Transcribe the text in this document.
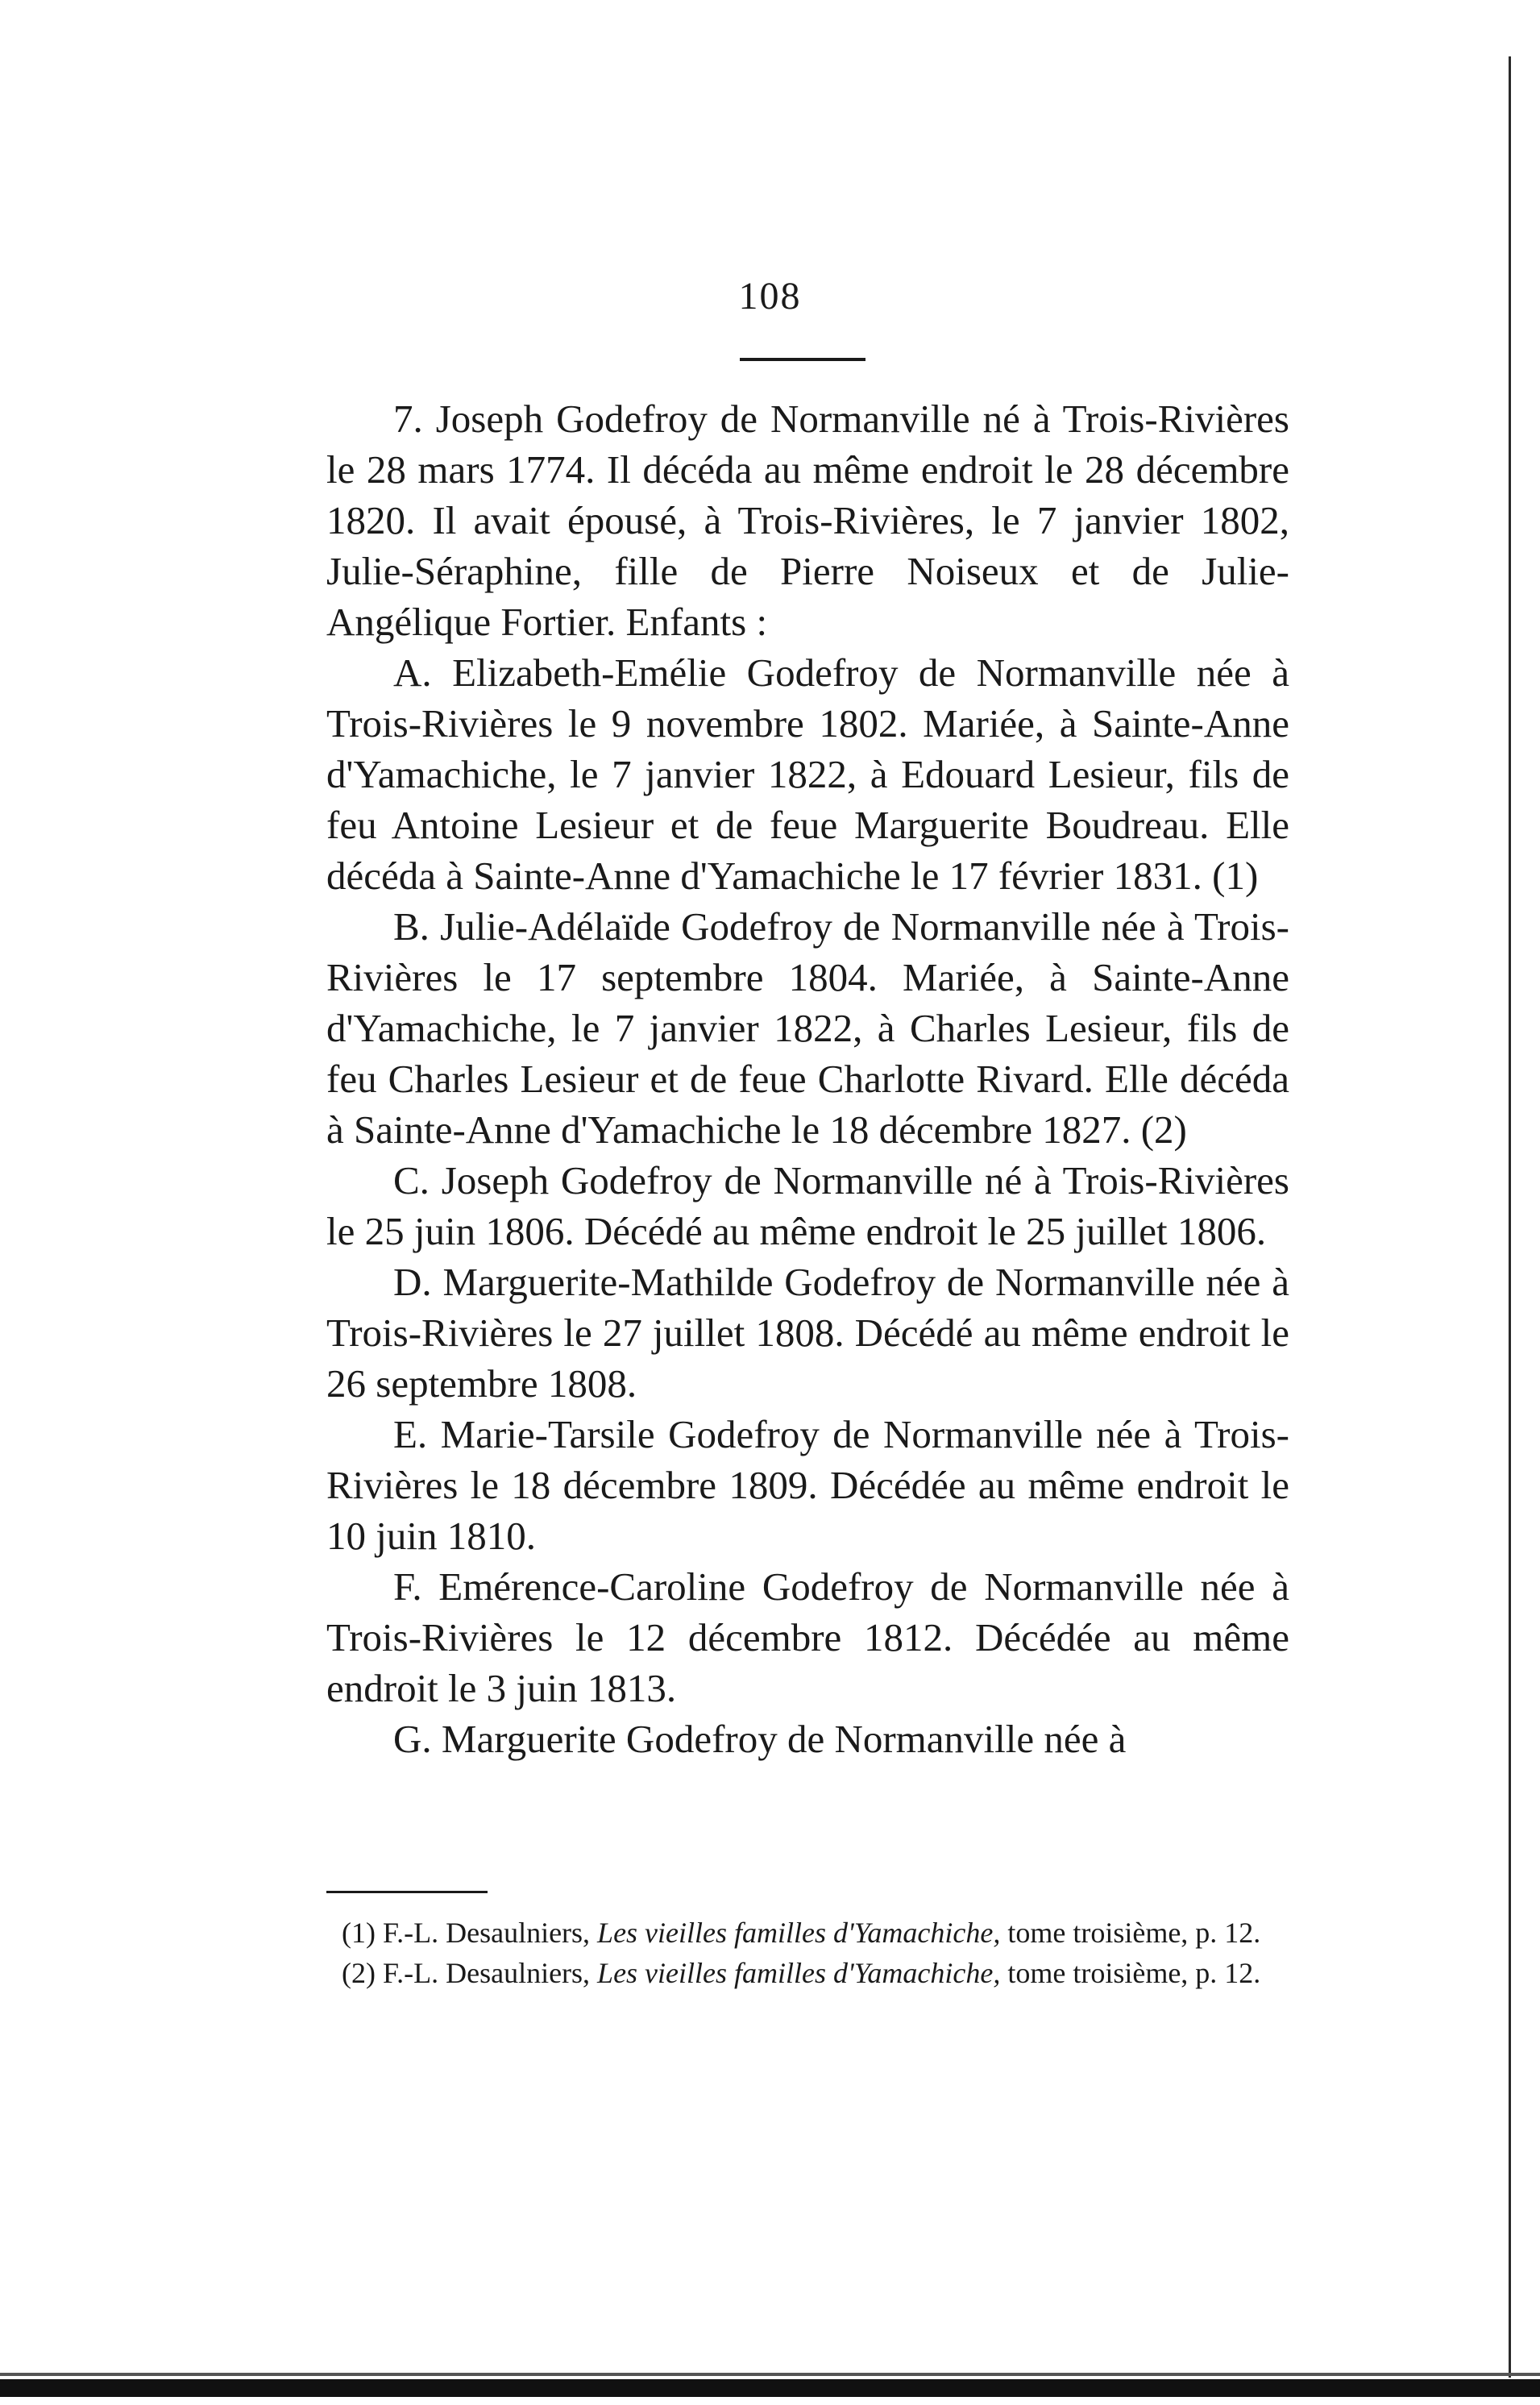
108

7. Joseph Godefroy de Normanville né à Trois-Rivières le 28 mars 1774. Il décéda au même endroit le 28 décembre 1820. Il avait épousé, à Trois-Rivières, le 7 janvier 1802, Julie-Séraphine, fille de Pierre Noiseux et de Julie-Angélique Fortier. Enfants :

A. Elizabeth-Emélie Godefroy de Normanville née à Trois-Rivières le 9 novembre 1802. Mariée, à Sainte-Anne d'Yamachiche, le 7 janvier 1822, à Edouard Lesieur, fils de feu Antoine Lesieur et de feue Marguerite Boudreau. Elle décéda à Sainte-Anne d'Yamachiche le 17 février 1831. (1)

B. Julie-Adélaïde Godefroy de Normanville née à Trois-Rivières le 17 septembre 1804. Mariée, à Sainte-Anne d'Yamachiche, le 7 janvier 1822, à Charles Lesieur, fils de feu Charles Lesieur et de feue Charlotte Rivard. Elle décéda à Sainte-Anne d'Yamachiche le 18 décembre 1827. (2)

C. Joseph Godefroy de Normanville né à Trois-Rivières le 25 juin 1806. Décédé au même endroit le 25 juillet 1806.

D. Marguerite-Mathilde Godefroy de Normanville née à Trois-Rivières le 27 juillet 1808. Décédé au même endroit le 26 septembre 1808.

E. Marie-Tarsile Godefroy de Normanville née à Trois-Rivières le 18 décembre 1809. Décédée au même endroit le 10 juin 1810.

F. Emérence-Caroline Godefroy de Normanville née à Trois-Rivières le 12 décembre 1812. Décédée au même endroit le 3 juin 1813.

G. Marguerite Godefroy de Normanville née à

(1) F.-L. Desaulniers, Les vieilles familles d'Yamachiche, tome troisième, p. 12.

(2) F.-L. Desaulniers, Les vieilles familles d'Yamachiche, tome troisième, p. 12.
